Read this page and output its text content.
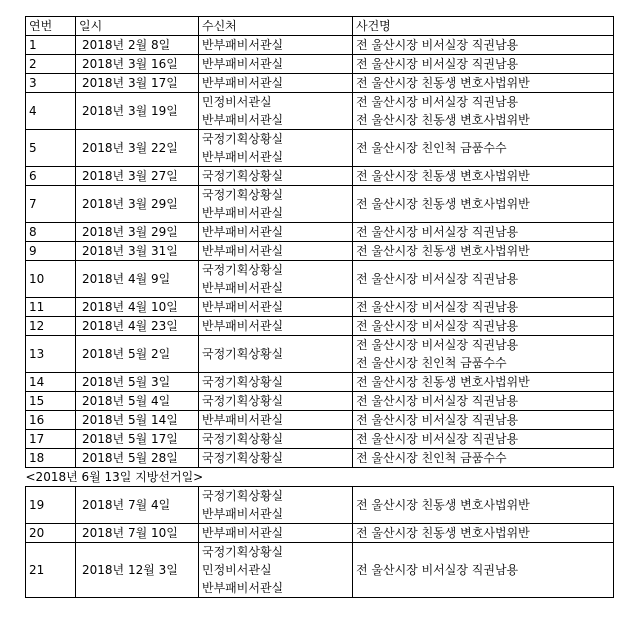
연번	일시	수신처	사건명
1	2018년 2월 8일	반부패비서관실	전 울산시장 비서실장 직권남용

2	2018년 3월 16일	반부패비서관실	전 울산시장 비서실장 직권남용

3	2018년 3월 17일	반부패비서관실	전 울산시장 친동생 변호사법위반

4	2018년 3월 19일	민정비서관실
반부패비서관실	전 울산시장 비서실장 직권남용
전 울산시장 친동생 변호사법위반

5	2018년 3월 22일	국정기획상황실
반부패비서관실	전 울산시장 친인척 금품수수

6	2018년 3월 27일	국정기획상황실	전 울산시장 친동생 변호사법위반

7	2018년 3월 29일	국정기획상황실
반부패비서관실	전 울산시장 친동생 변호사법위반

8	2018년 3월 29일	반부패비서관실	전 울산시장 비서실장 직권남용

9	2018년 3월 31일	반부패비서관실	전 울산시장 친동생 변호사법위반

10	2018년 4월 9일	국정기획상황실
반부패비서관실	전 울산시장 비서실장 직권남용

11	2018년 4월 10일	반부패비서관실	전 울산시장 비서실장 직권남용

12	2018년 4월 23일	반부패비서관실	전 울산시장 비서실장 직권남용

13	2018년 5월 2일	국정기획상황실	전 울산시장 비서실장 직권남용
전 울산시장 친인척 금품수수

14	2018년 5월 3일	국정기획상황실	전 울산시장 친동생 변호사법위반

15	2018년 5월 4일	국정기획상황실	전 울산시장 비서실장 직권남용

16	2018년 5월 14일	반부패비서관실	전 울산시장 비서실장 직권남용

17	2018년 5월 17일	국정기획상황실	전 울산시장 비서실장 직권남용

18	2018년 5월 28일	국정기획상황실	전 울산시장 친인척 금품수수

<2018년 6월 13일 지방선거일>			
19	2018년 7월 4일	국정기획상황실
반부패비서관실	전 울산시장 친동생 변호사법위반

20	2018년 7월 10일	반부패비서관실	전 울산시장 친동생 변호사법위반

21	2018년 12월 3일	국정기획상황실
민정비서관실
반부패비서관실	전 울산시장 비서실장 직권남용
